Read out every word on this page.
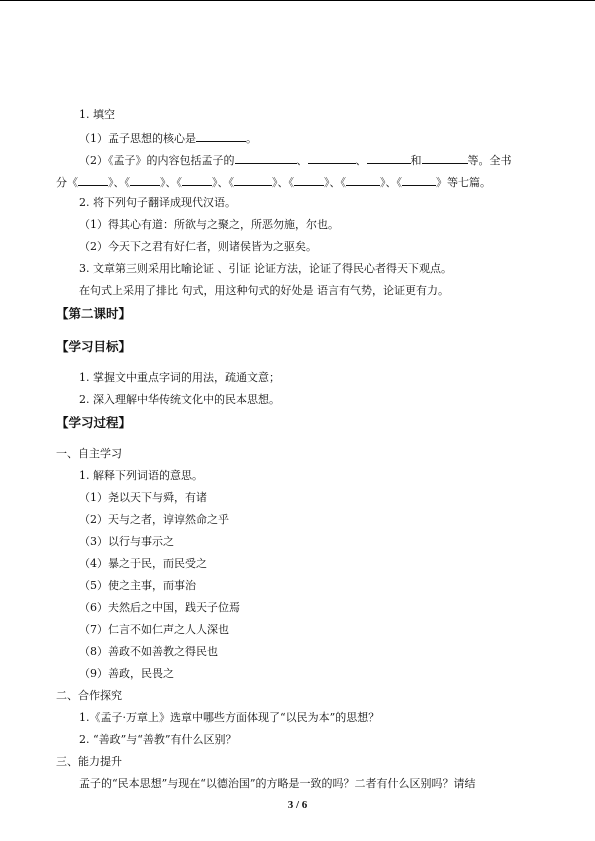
1. 填空
（1）孟子思想的核心是	。
（2）《孟子》的内容包括孟子的	、	、	和	等。全书
分《	》、《	》、《	》、《	》、《	》、《	》、《	》等七篇。
2. 将下列句子翻译成现代汉语。
（1）得其心有道：所欲与之聚之，所恶勿施，尔也。
（2）今天下之君有好仁者，则诸侯皆为之驱矣。
3. 文章第三则采用比喻论证 、引证 论证方法，论证了得民心者得天下观点。
在句式上采用了排比 句式，用这种句式的好处是 语言有气势，论证更有力。
【第二课时】
【学习目标】
1. 掌握文中重点字词的用法，疏通文意；
2. 深入理解中华传统文化中的民本思想。
【学习过程】
一、自主学习
1. 解释下列词语的意思。
（1）尧以天下与舜，有诸
（2）天与之者，谆谆然命之乎
（3）以行与事示之
（4）暴之于民，而民受之
（5）使之主事，而事治
（6）夫然后之中国，践天子位焉
（7）仁言不如仁声之人人深也
（8）善政不如善教之得民也
（9）善政，民畏之
二、合作探究
1.《孟子·万章上》选章中哪些方面体现了“以民为本”的思想？
2. “善政”与“善教”有什么区别？
三、能力提升
孟子的“民本思想”与现在“以德治国”的方略是一致的吗？二者有什么区别吗？请结
3 / 6
